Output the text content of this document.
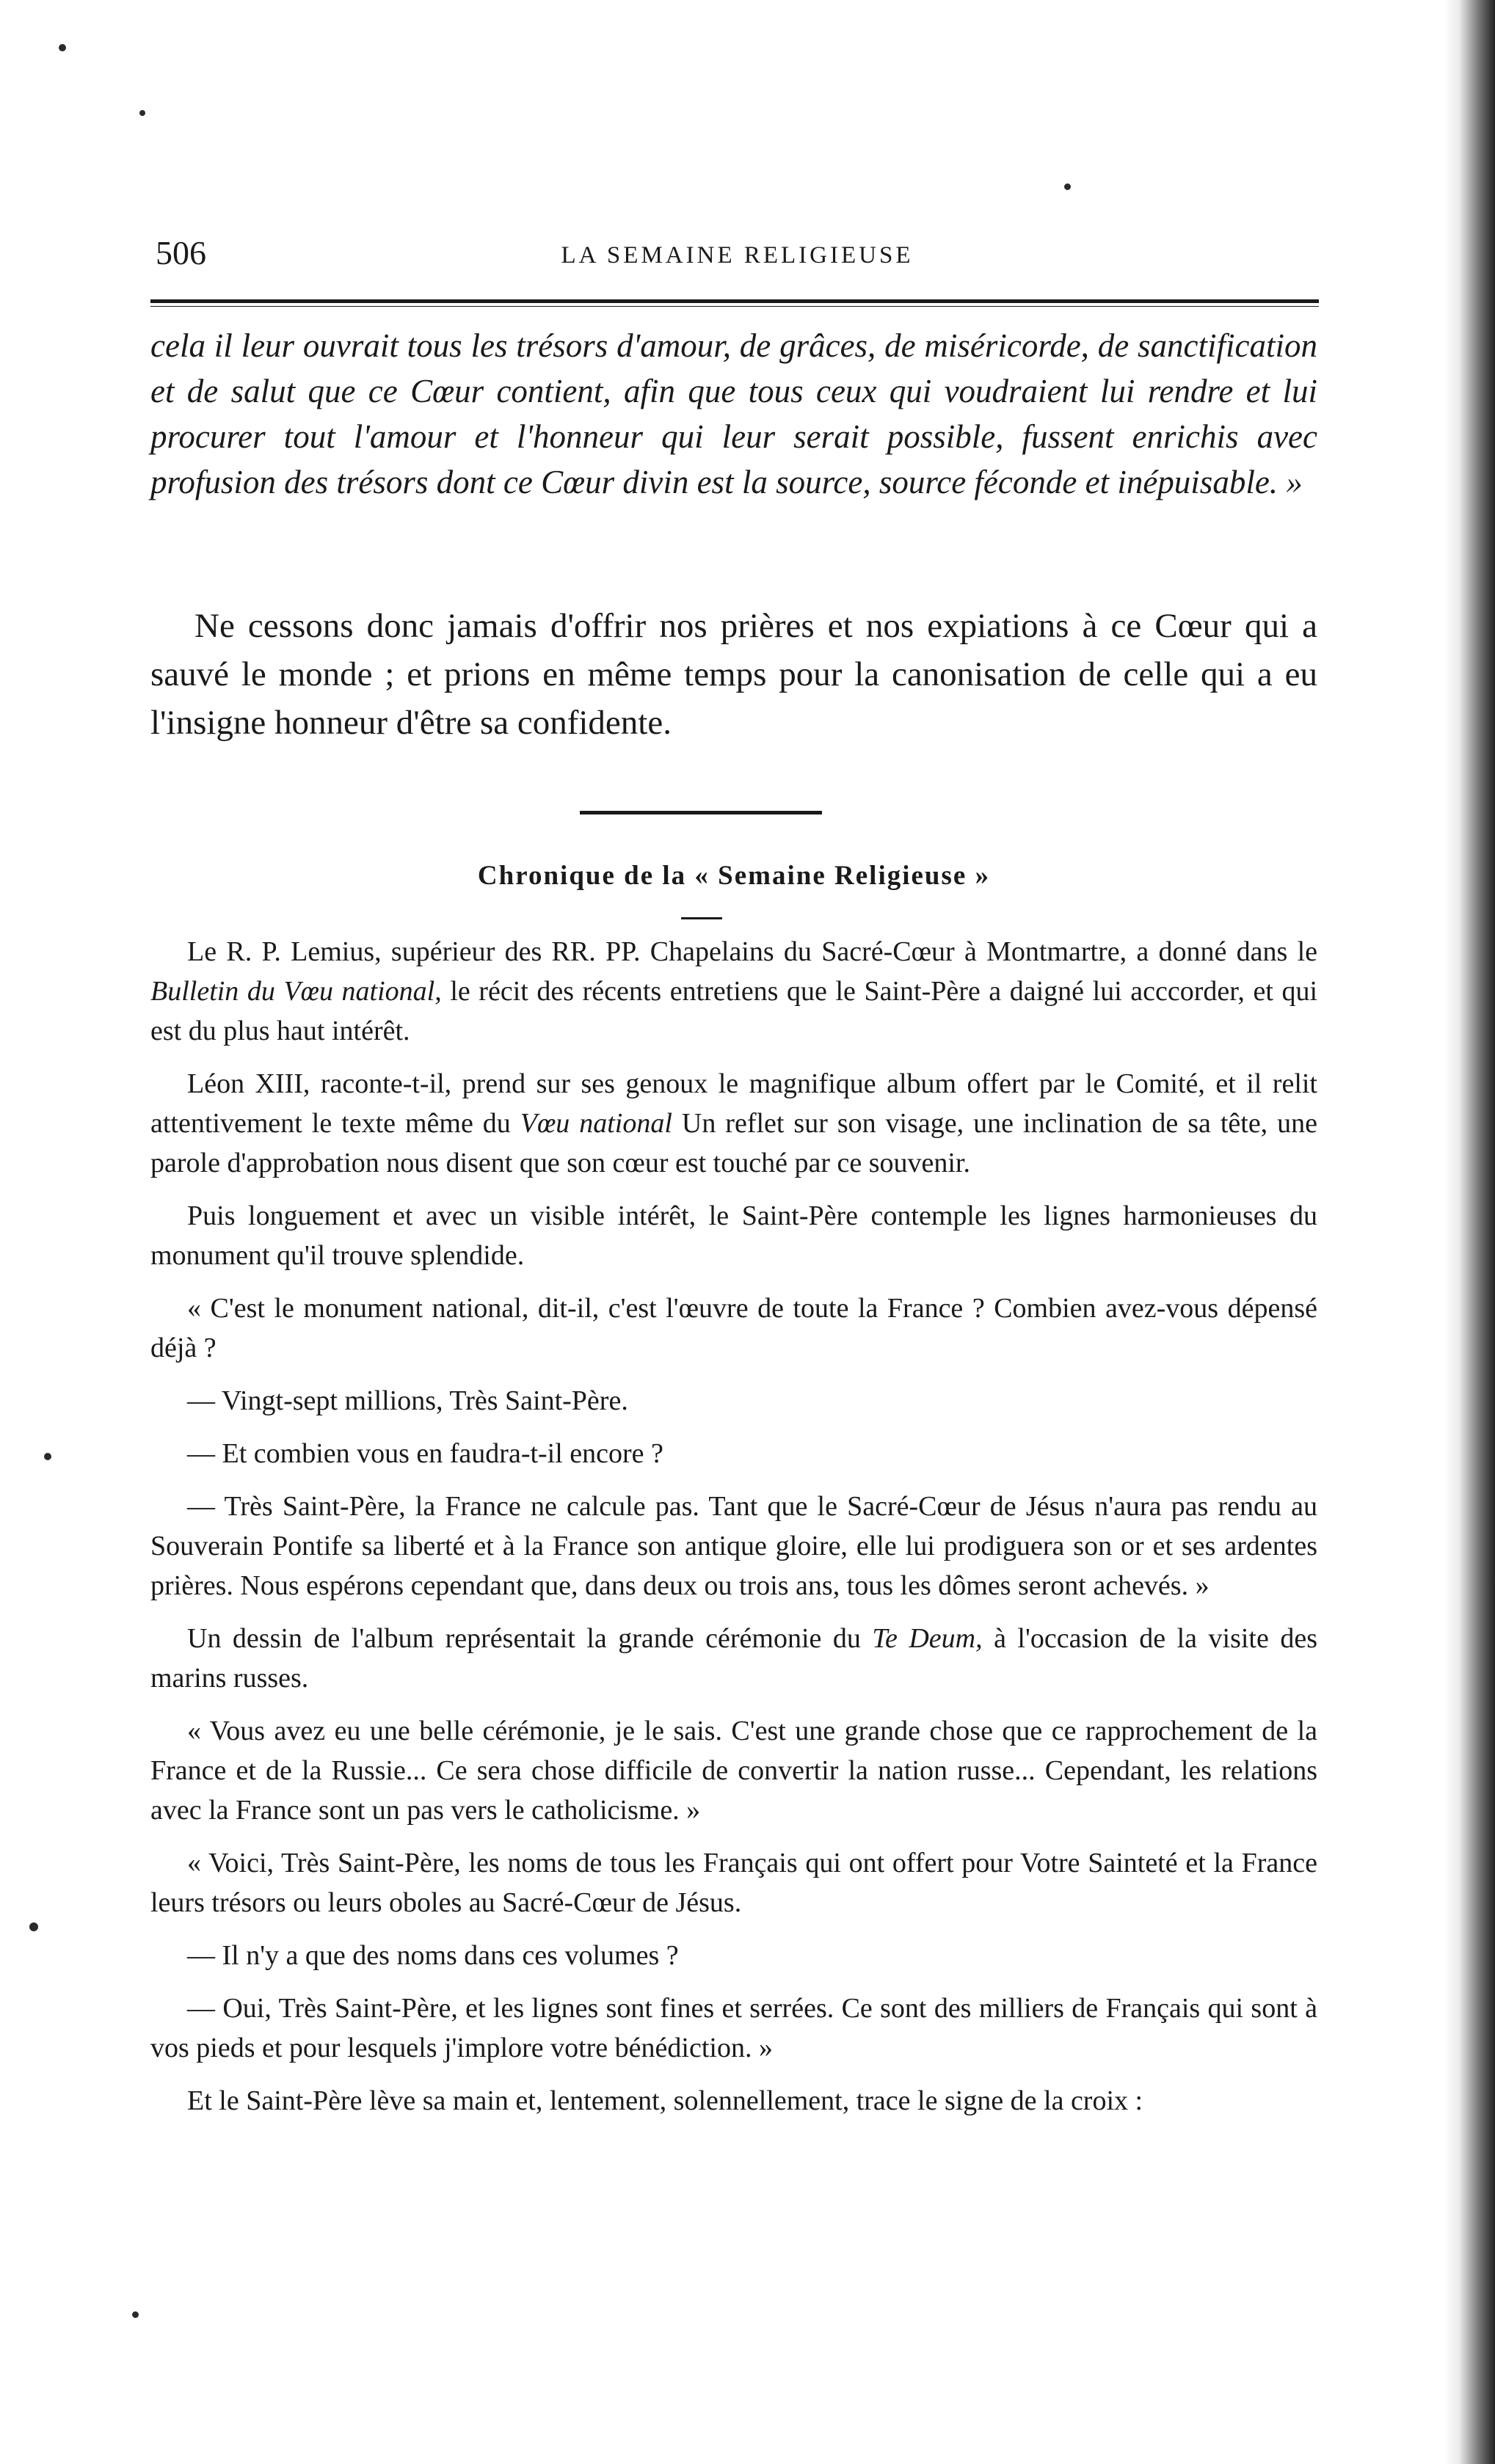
506	LA SEMAINE RELIGIEUSE
cela il leur ouvrait tous les trésors d'amour, de grâces, de miséricorde, de sanctification et de salut que ce Cœur contient, afin que tous ceux qui voudraient lui rendre et lui procurer tout l'amour et l'honneur qui leur serait possible, fussent enrichis avec profusion des trésors dont ce Cœur divin est la source, source féconde et inépuisable. »
Ne cessons donc jamais d'offrir nos prières et nos expiations à ce Cœur qui a sauvé le monde ; et prions en même temps pour la canonisation de celle qui a eu l'insigne honneur d'être sa confidente.
Chronique de la « Semaine Religieuse »

Le R. P. Lemius, supérieur des RR. PP. Chapelains du Sacré-Cœur à Montmartre, a donné dans le Bulletin du Vœu national, le récit des récents entretiens que le Saint-Père a daigné lui acccorder, et qui est du plus haut intérêt.

Léon XIII, raconte-t-il, prend sur ses genoux le magnifique album offert par le Comité, et il relit attentivement le texte même du Vœu national Un reflet sur son visage, une inclination de sa tête, une parole d'approbation nous disent que son cœur est touché par ce souvenir.

Puis longuement et avec un visible intérêt, le Saint-Père contemple les lignes harmonieuses du monument qu'il trouve splendide.

« C'est le monument national, dit-il, c'est l'œuvre de toute la France ? Combien avez-vous dépensé déjà ?

— Vingt-sept millions, Très Saint-Père.

— Et combien vous en faudra-t-il encore ?

— Très Saint-Père, la France ne calcule pas. Tant que le Sacré-Cœur de Jésus n'aura pas rendu au Souverain Pontife sa liberté et à la France son antique gloire, elle lui prodiguera son or et ses ardentes prières. Nous espérons cependant que, dans deux ou trois ans, tous les dômes seront achevés. »

Un dessin de l'album représentait la grande cérémonie du Te Deum, à l'occasion de la visite des marins russes.

« Vous avez eu une belle cérémonie, je le sais. C'est une grande chose que ce rapprochement de la France et de la Russie... Ce sera chose difficile de convertir la nation russe... Cependant, les relations avec la France sont un pas vers le catholicisme. »

« Voici, Très Saint-Père, les noms de tous les Français qui ont offert pour Votre Sainteté et la France leurs trésors ou leurs oboles au Sacré-Cœur de Jésus.

— Il n'y a que des noms dans ces volumes ?

— Oui, Très Saint-Père, et les lignes sont fines et serrées. Ce sont des milliers de Français qui sont à vos pieds et pour lesquels j'implore votre bénédiction. »

Et le Saint-Père lève sa main et, lentement, solennellement, trace le signe de la croix :
